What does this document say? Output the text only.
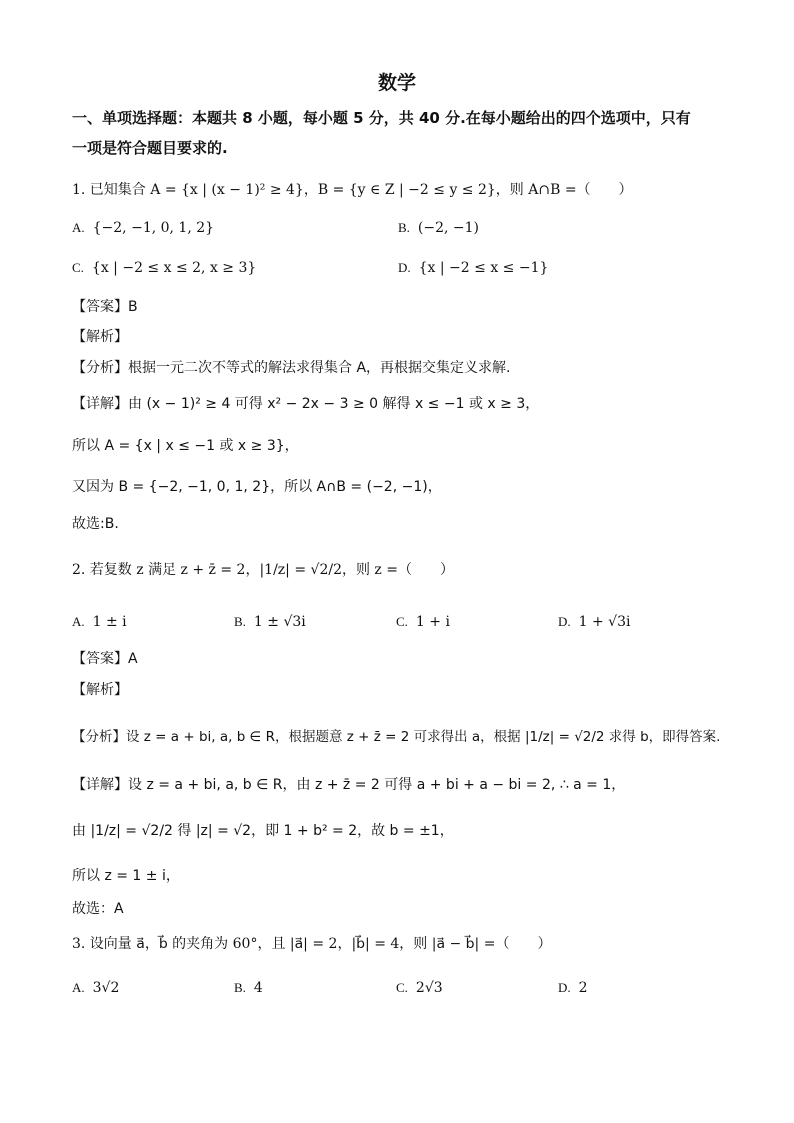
数学
一、单项选择题：本题共 8 小题，每小题 5 分，共 40 分.在每小题给出的四个选项中，只有
一项是符合题目要求的.
1. 已知集合 A = {x | (x − 1)² ≥ 4}，B = {y ∈ Z | −2 ≤ y ≤ 2}，则 A∩B =（　　）
A. {−2, −1, 0, 1, 2}	B. (−2, −1)
C. {x | −2 ≤ x ≤ 2, x ≥ 3}	D. {x | −2 ≤ x ≤ −1}
【答案】B
【解析】
【分析】根据一元二次不等式的解法求得集合 A，再根据交集定义求解.
【详解】由 (x − 1)² ≥ 4 可得 x² − 2x − 3 ≥ 0 解得 x ≤ −1 或 x ≥ 3，
所以 A = {x | x ≤ −1 或 x ≥ 3}，
又因为 B = {−2, −1, 0, 1, 2}，所以 A∩B = (−2, −1)，
故选:B.
2. 若复数 z 满足 z + z̄ = 2，|1/z| = √2/2，则 z =（　　）
A. 1 ± i	B. 1 ± √3i	C. 1 + i	D. 1 + √3i
【答案】A
【解析】
【分析】设 z = a + bi, a, b ∈ R，根据题意 z + z̄ = 2 可求得出 a，根据 |1/z| = √2/2 求得 b，即得答案.
【详解】设 z = a + bi, a, b ∈ R，由 z + z̄ = 2 可得 a + bi + a − bi = 2, ∴ a = 1，
由 |1/z| = √2/2 得 |z| = √2，即 1 + b² = 2，故 b = ±1，
所以 z = 1 ± i，
故选：A
3. 设向量 a⃗，b⃗ 的夹角为 60°，且 |a⃗| = 2，|b⃗| = 4，则 |a⃗ − b⃗| =（　　）
A. 3√2	B. 4	C. 2√3	D. 2
